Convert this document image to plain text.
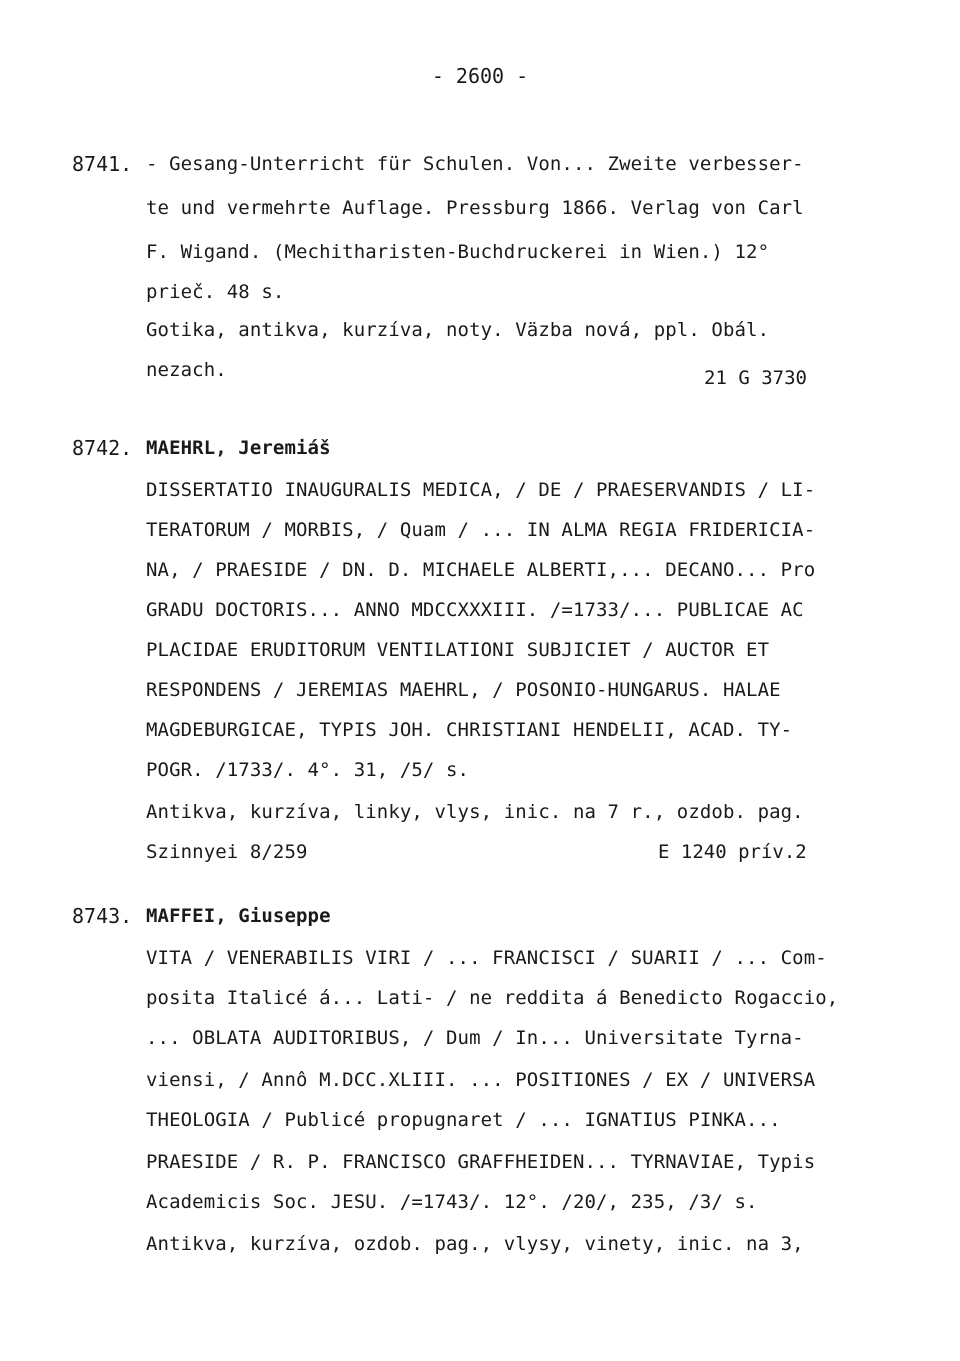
- 2600 -
8741. - Gesang-Unterricht für Schulen. Von... Zweite verbesser-
te und vermehrte Auflage. Pressburg 1866. Verlag von Carl
F. Wigand. (Mechitharisten-Buchdruckerei in Wien.) 12°
prieč. 48 s.
Gotika, antikva, kurzíva, noty. Väzba nová, ppl. Obál.
nezach.	21 G 3730
8742. MAEHRL, Jeremiáš
DISSERTATIO INAUGURALIS MEDICA, / DE / PRAESERVANDIS / LI-
TERATORUM / MORBIS, / Quam / ... IN ALMA REGIA FRIDERICIA-
NA, / PRAESIDE / DN. D. MICHAELE ALBERTI,... DECANO... Pro
GRADU DOCTORIS... ANNO MDCCXXXIII. /=1733/... PUBLICAE AC
PLACIDAE ERUDITORUM VENTILATIONI SUBJICIET / AUCTOR ET
RESPONDENS / JEREMIAS MAEHRL, / POSONIO-HUNGARUS. HALAE
MAGDEBURGICAE, TYPIS JOH. CHRISTIANI HENDELII, ACAD. TY-
POGR. /1733/. 4°. 31, /5/ s.
Antikva, kurzíva, linky, vlys, inic. na 7 r., ozdob. pag.
Szinnyei 8/259	E 1240 prív.2
8743. MAFFEI, Giuseppe
VITA / VENERABILIS VIRI / ... FRANCISCI / SUARII / ... Com-
posita Italicé á... Lati- / ne reddita á Benedicto Rogaccio,
... OBLATA AUDITORIBUS, / Dum / In... Universitate Tyrna-
viensi, / Annô M.DCC.XLIII. ... POSITIONES / EX / UNIVERSA
THEOLOGIA / Publicé propugnaret / ... IGNATIUS PINKA...
PRAESIDE / R. P. FRANCISCO GRAFFHEIDEN... TYRNAVIAE, Typis
Academicis Soc. JESU. /=1743/. 12°. /20/, 235, /3/ s.
Antikva, kurzíva, ozdob. pag., vlysy, vinety, inic. na 3,
